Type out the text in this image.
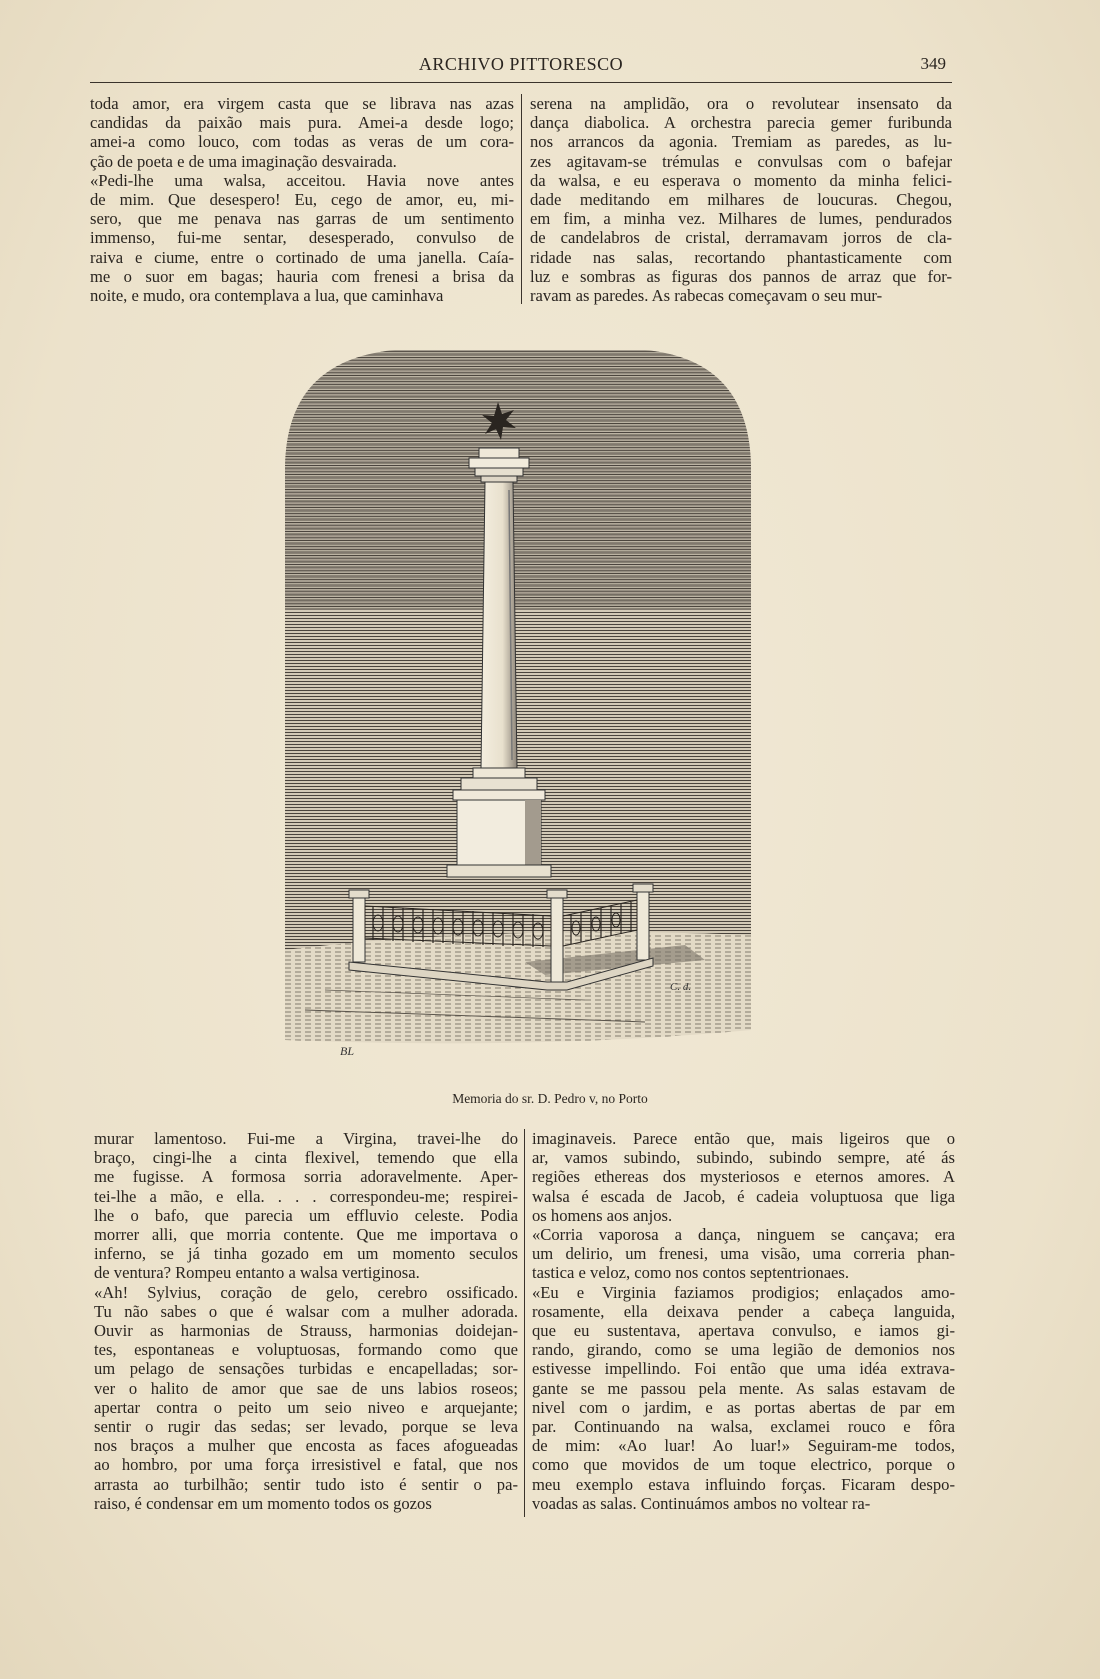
ARCHIVO PITTORESCO	349
toda amor, era virgem casta que se librava nas azas
candidas da paixão mais pura. Amei-a desde logo;
amei-a como louco, com todas as veras de um cora-
ção de poeta e de uma imaginação desvairada.
«Pedi-lhe uma walsa, acceitou. Havia nove antes
de mim. Que desespero! Eu, cego de amor, eu, mi-
sero, que me penava nas garras de um sentimento
immenso, fui-me sentar, desesperado, convulso de
raiva e ciume, entre o cortinado de uma janella. Caía-
me o suor em bagas; hauria com frenesi a brisa da
noite, e mudo, ora contemplava a lua, que caminhava
serena na amplidão, ora o revolutear insensato da
dança diabolica. A orchestra parecia gemer furibunda
nos arrancos da agonia. Tremiam as paredes, as lu-
zes agitavam-se trémulas e convulsas com o bafejar
da walsa, e eu esperava o momento da minha felici-
dade meditando em milhares de loucuras. Chegou,
em fim, a minha vez. Milhares de lumes, pendurados
de candelabros de cristal, derramavam jorros de cla-
ridade nas salas, recortando phantasticamente com
luz e sombras as figuras dos pannos de arraz que for-
ravam as paredes. As rabecas começavam o seu mur-
BL
C. d.
Memoria do sr. D. Pedro v, no Porto
murar lamentoso. Fui-me a Virgina, travei-lhe do
braço, cingi-lhe a cinta flexivel, temendo que ella
me fugisse. A formosa sorria adoravelmente. Aper-
tei-lhe a mão, e ella. . . . correspondeu-me; respirei-
lhe o bafo, que parecia um effluvio celeste. Podia
morrer alli, que morria contente. Que me importava o
inferno, se já tinha gozado em um momento seculos
de ventura? Rompeu entanto a walsa vertiginosa.
«Ah! Sylvius, coração de gelo, cerebro ossificado.
Tu não sabes o que é walsar com a mulher adorada.
Ouvir as harmonias de Strauss, harmonias doidejan-
tes, espontaneas e voluptuosas, formando como que
um pelago de sensações turbidas e encapelladas; sor-
ver o halito de amor que sae de uns labios roseos;
apertar contra o peito um seio niveo e arquejante;
sentir o rugir das sedas; ser levado, porque se leva
nos braços a mulher que encosta as faces afogueadas
ao hombro, por uma força irresistivel e fatal, que nos
arrasta ao turbilhão; sentir tudo isto é sentir o pa-
raiso, é condensar em um momento todos os gozos
imaginaveis. Parece então que, mais ligeiros que o
ar, vamos subindo, subindo, subindo sempre, até ás
regiões ethereas dos mysteriosos e eternos amores. A
walsa é escada de Jacob, é cadeia voluptuosa que liga
os homens aos anjos.
«Corria vaporosa a dança, ninguem se cançava; era
um delirio, um frenesi, uma visão, uma correria phan-
tastica e veloz, como nos contos septentrionaes.
«Eu e Virginia faziamos prodigios; enlaçados amo-
rosamente, ella deixava pender a cabeça languida,
que eu sustentava, apertava convulso, e iamos gi-
rando, girando, como se uma legião de demonios nos
estivesse impellindo. Foi então que uma idéa extrava-
gante se me passou pela mente. As salas estavam de
nivel com o jardim, e as portas abertas de par em
par. Continuando na walsa, exclamei rouco e fôra
de mim: «Ao luar! Ao luar!» Seguiram-me todos,
como que movidos de um toque electrico, porque o
meu exemplo estava influindo forças. Ficaram despo-
voadas as salas. Continuámos ambos no voltear ra-
